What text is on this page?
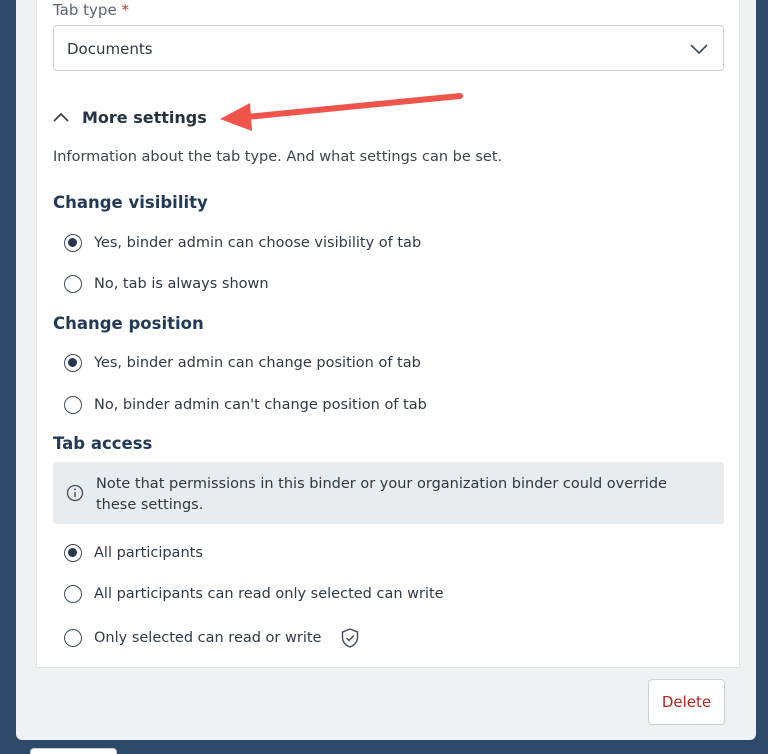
Tab type *
Documents
More settings
Information about the tab type. And what settings can be set.
Change visibility
Yes, binder admin can choose visibility of tab
No, tab is always shown
Change position
Yes, binder admin can change position of tab
No, binder admin can't change position of tab
Tab access
Note that permissions in this binder or your organization binder could override these settings.
All participants
All participants can read only selected can write
Only selected can read or write
Delete
